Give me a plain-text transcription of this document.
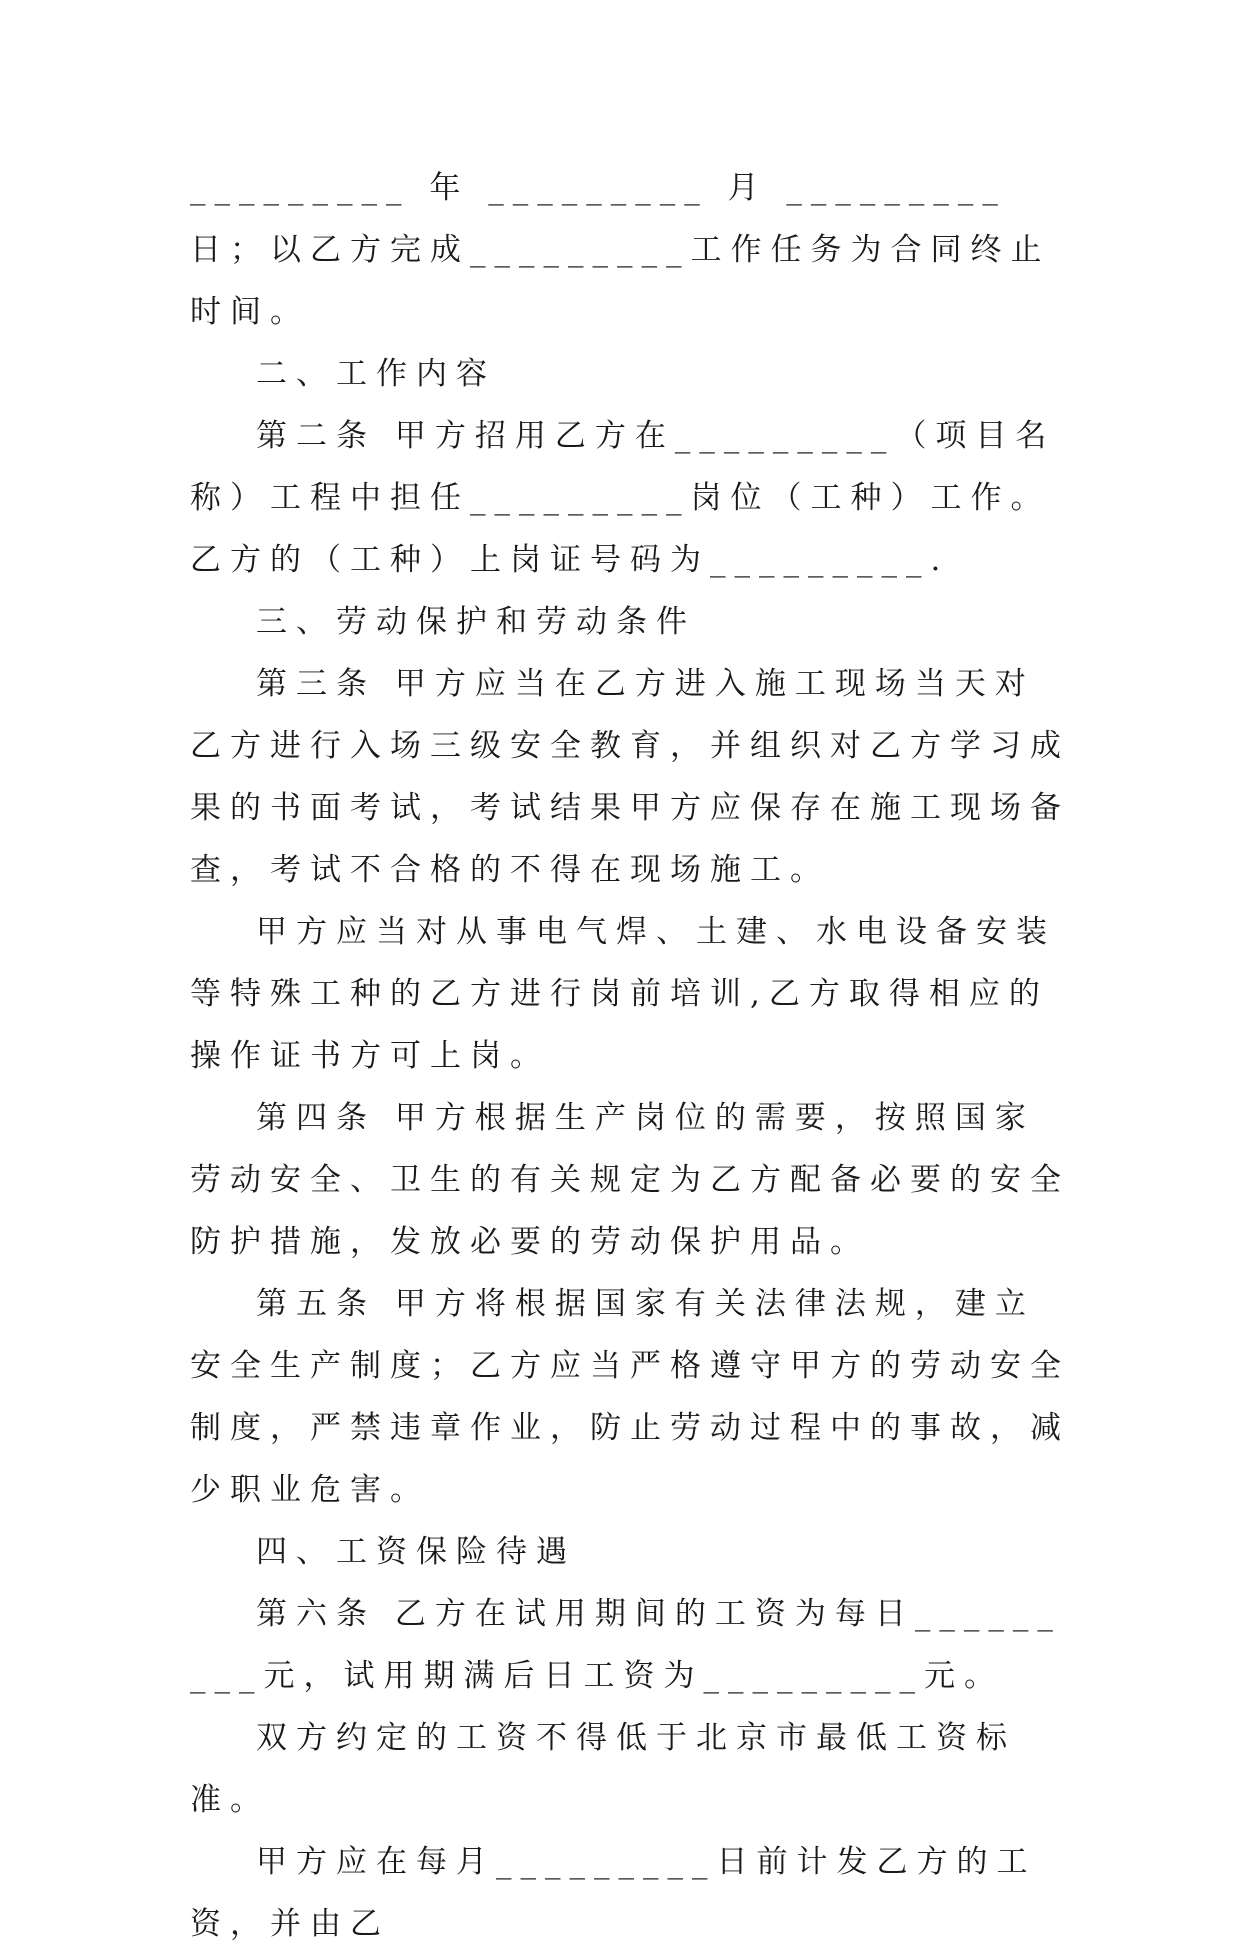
_________ 年 _________ 月 _________ 日；以乙方完成_________工作任务为合同终止时间。

二、工作内容

第二条 甲方招用乙方在_________（项目名称）工程中担任_________岗位（工种）工作。乙方的（工种）上岗证号码为_________.

三、劳动保护和劳动条件

第三条 甲方应当在乙方进入施工现场当天对乙方进行入场三级安全教育，并组织对乙方学习成果的书面考试，考试结果甲方应保存在施工现场备查，考试不合格的不得在现场施工。

甲方应当对从事电气焊、土建、水电设备安装等特殊工种的乙方进行岗前培训,乙方取得相应的操作证书方可上岗。

第四条 甲方根据生产岗位的需要，按照国家劳动安全、卫生的有关规定为乙方配备必要的安全防护措施，发放必要的劳动保护用品。

第五条 甲方将根据国家有关法律法规，建立安全生产制度；乙方应当严格遵守甲方的劳动安全制度，严禁违章作业，防止劳动过程中的事故，减少职业危害。

四、工资保险待遇

第六条 乙方在试用期间的工资为每日_________元，试用期满后日工资为_________元。

双方约定的工资不得低于北京市最低工资标准。

甲方应在每月_________日前计发乙方的工资，并由乙
